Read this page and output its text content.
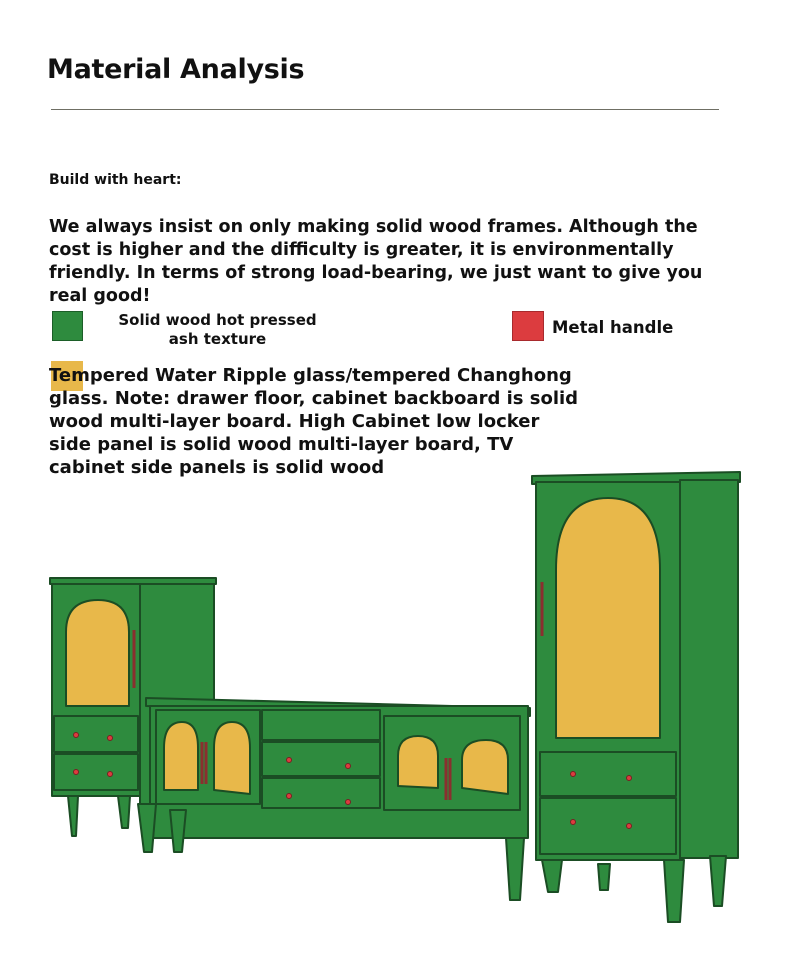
Material Analysis
Build with heart:
We always insist on only making solid wood frames. Although the cost is higher and the difficulty is greater, it is environmentally friendly. In terms of strong load-bearing, we just want to give you real good!
Solid wood hot pressed ash texture
Metal handle
Tempered Water Ripple glass/tempered Changhong glass. Note: drawer floor, cabinet backboard is solid wood multi-layer board. High Cabinet low locker side panel is solid wood multi-layer board, TV cabinet side panels is solid wood
